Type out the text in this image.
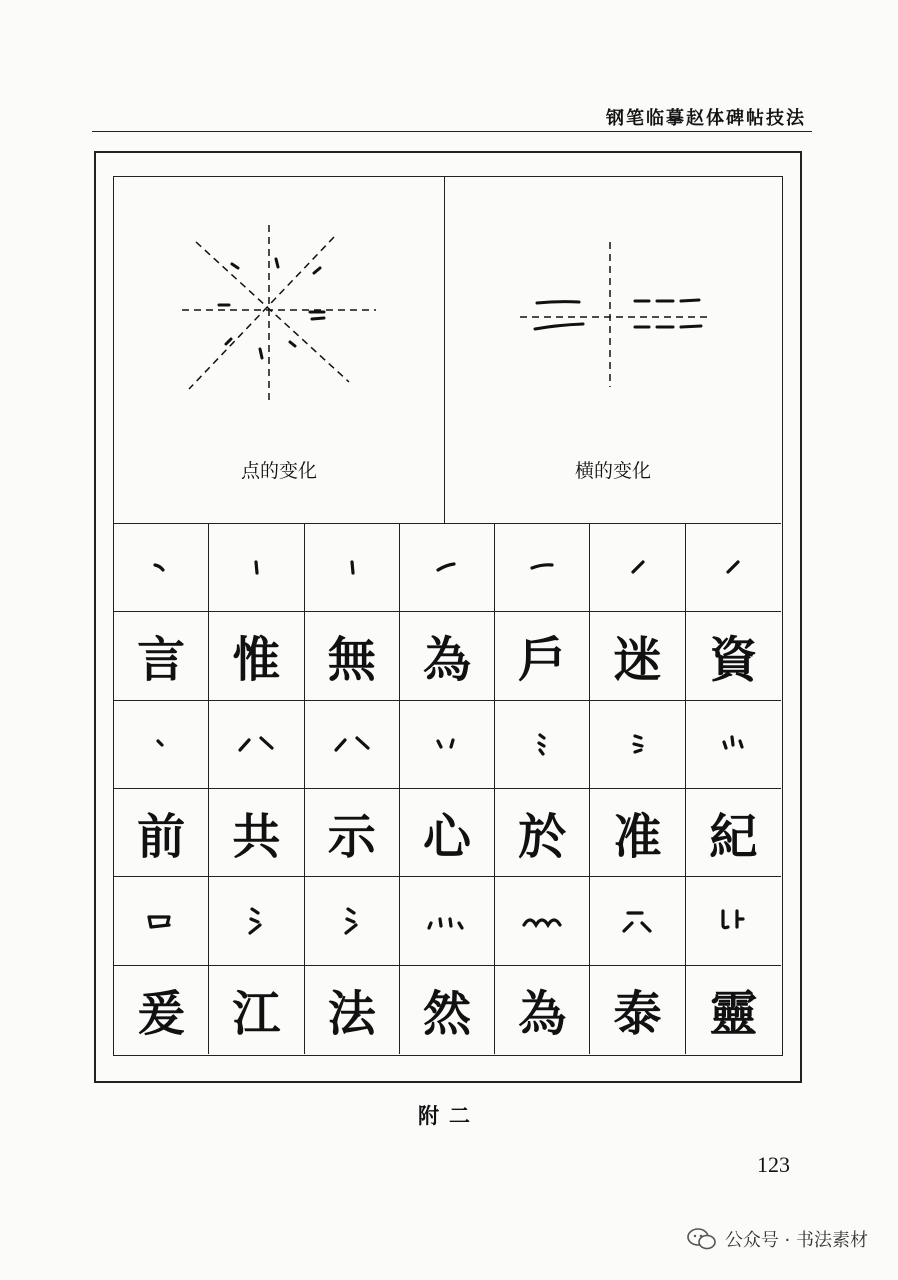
钢笔临摹赵体碑帖技法
点的变化	横的变化
言 惟 無 為 戶 迷 資
前 共 示 心 於 准 紀
爰 江 法 然 為 泰 靈
附二
123
公众号 · 书法素材
